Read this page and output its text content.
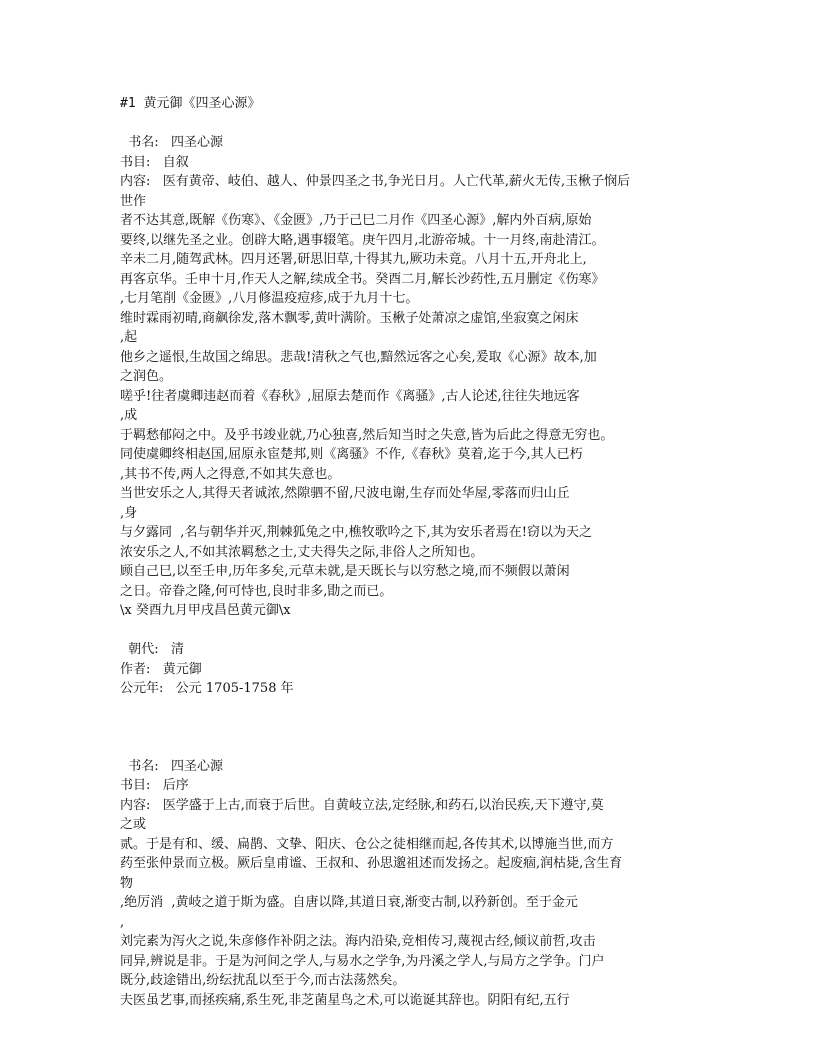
#1 黄元御《四圣心源》
书名:   四圣心源
书目:   自叙
内容:   医有黄帝、岐伯、越人、仲景四圣之书,争光日月。人亡代革,薪火无传,玉楸子悯后
世作
者不达其意,既解《伤寒》、《金匮》,乃于己巳二月作《四圣心源》,解内外百病,原始
要终,以继先圣之业。创辟大略,遇事辍笔。庚午四月,北游帝城。十一月终,南赴清江。
辛未二月,随驾武林。四月还署,研思旧草,十得其九,厥功未竟。八月十五,开舟北上,
再客京华。壬申十月,作天人之解,续成全书。癸酉二月,解长沙药性,五月删定《伤寒》
,七月笔削《金匮》,八月修温疫痘疹,成于九月十七。
维时霖雨初晴,商飙徐发,落木飘零,黄叶满阶。玉楸子处萧凉之虚馆,坐寂寞之闲床
,起
他乡之遥恨,生故国之绵思。悲哉!清秋之气也,黯然远客之心矣,爰取《心源》故本,加
之润色。
嗟乎!往者虞卿违赵而着《春秋》,屈原去楚而作《离骚》,古人论述,往往失地远客
,成
于羁愁郁闷之中。及乎书竣业就,乃心独喜,然后知当时之失意,皆为后此之得意无穷也。
同使虞卿终相赵国,屈原永宦楚邦,则《离骚》不作,《春秋》莫着,迄于今,其人已朽
,其书不传,两人之得意,不如其失意也。
当世安乐之人,其得天者诚浓,然隙驷不留,尺波电谢,生存而处华屋,零落而归山丘
,身
与夕露同  ,名与朝华并灭,荆棘狐兔之中,樵牧歌吟之下,其为安乐者焉在!窃以为天之
浓安乐之人,不如其浓羁愁之士,丈夫得失之际,非俗人之所知也。
顾自己巳,以至壬申,历年多矣,元草未就,是天既长与以穷愁之境,而不频假以萧闲
之日。帝眷之隆,何可恃也,良时非多,勖之而已。
\x 癸酉九月甲戌昌邑黄元御\x
朝代:   清
作者:   黄元御
公元年:   公元 1705-1758 年
书名:   四圣心源
书目:   后序
内容:   医学盛于上古,而衰于后世。自黄岐立法,定经脉,和药石,以治民疾,天下遵守,莫
之或
贰。于是有和、缓、扁鹊、文挚、阳庆、仓公之徒相继而起,各传其术,以博施当世,而方
药至张仲景而立极。厥后皇甫谧、王叔和、孙思邈祖述而发扬之。起废痼,润枯毙,含生育
物
,绝厉消  ,黄岐之道于斯为盛。自唐以降,其道日衰,渐变古制,以矜新创。至于金元
,
刘完素为泻火之说,朱彦修作补阴之法。海内沿染,竞相传习,蔑视古经,倾议前哲,攻击
同异,辨说是非。于是为河间之学人,与易水之学争,为丹溪之学人,与局方之学争。门户
既分,歧途错出,纷纭扰乱以至于今,而古法荡然矣。
夫医虽艺事,而拯疾痛,系生死,非芝菌星鸟之术,可以诡诞其辞也。阴阳有纪,五行
